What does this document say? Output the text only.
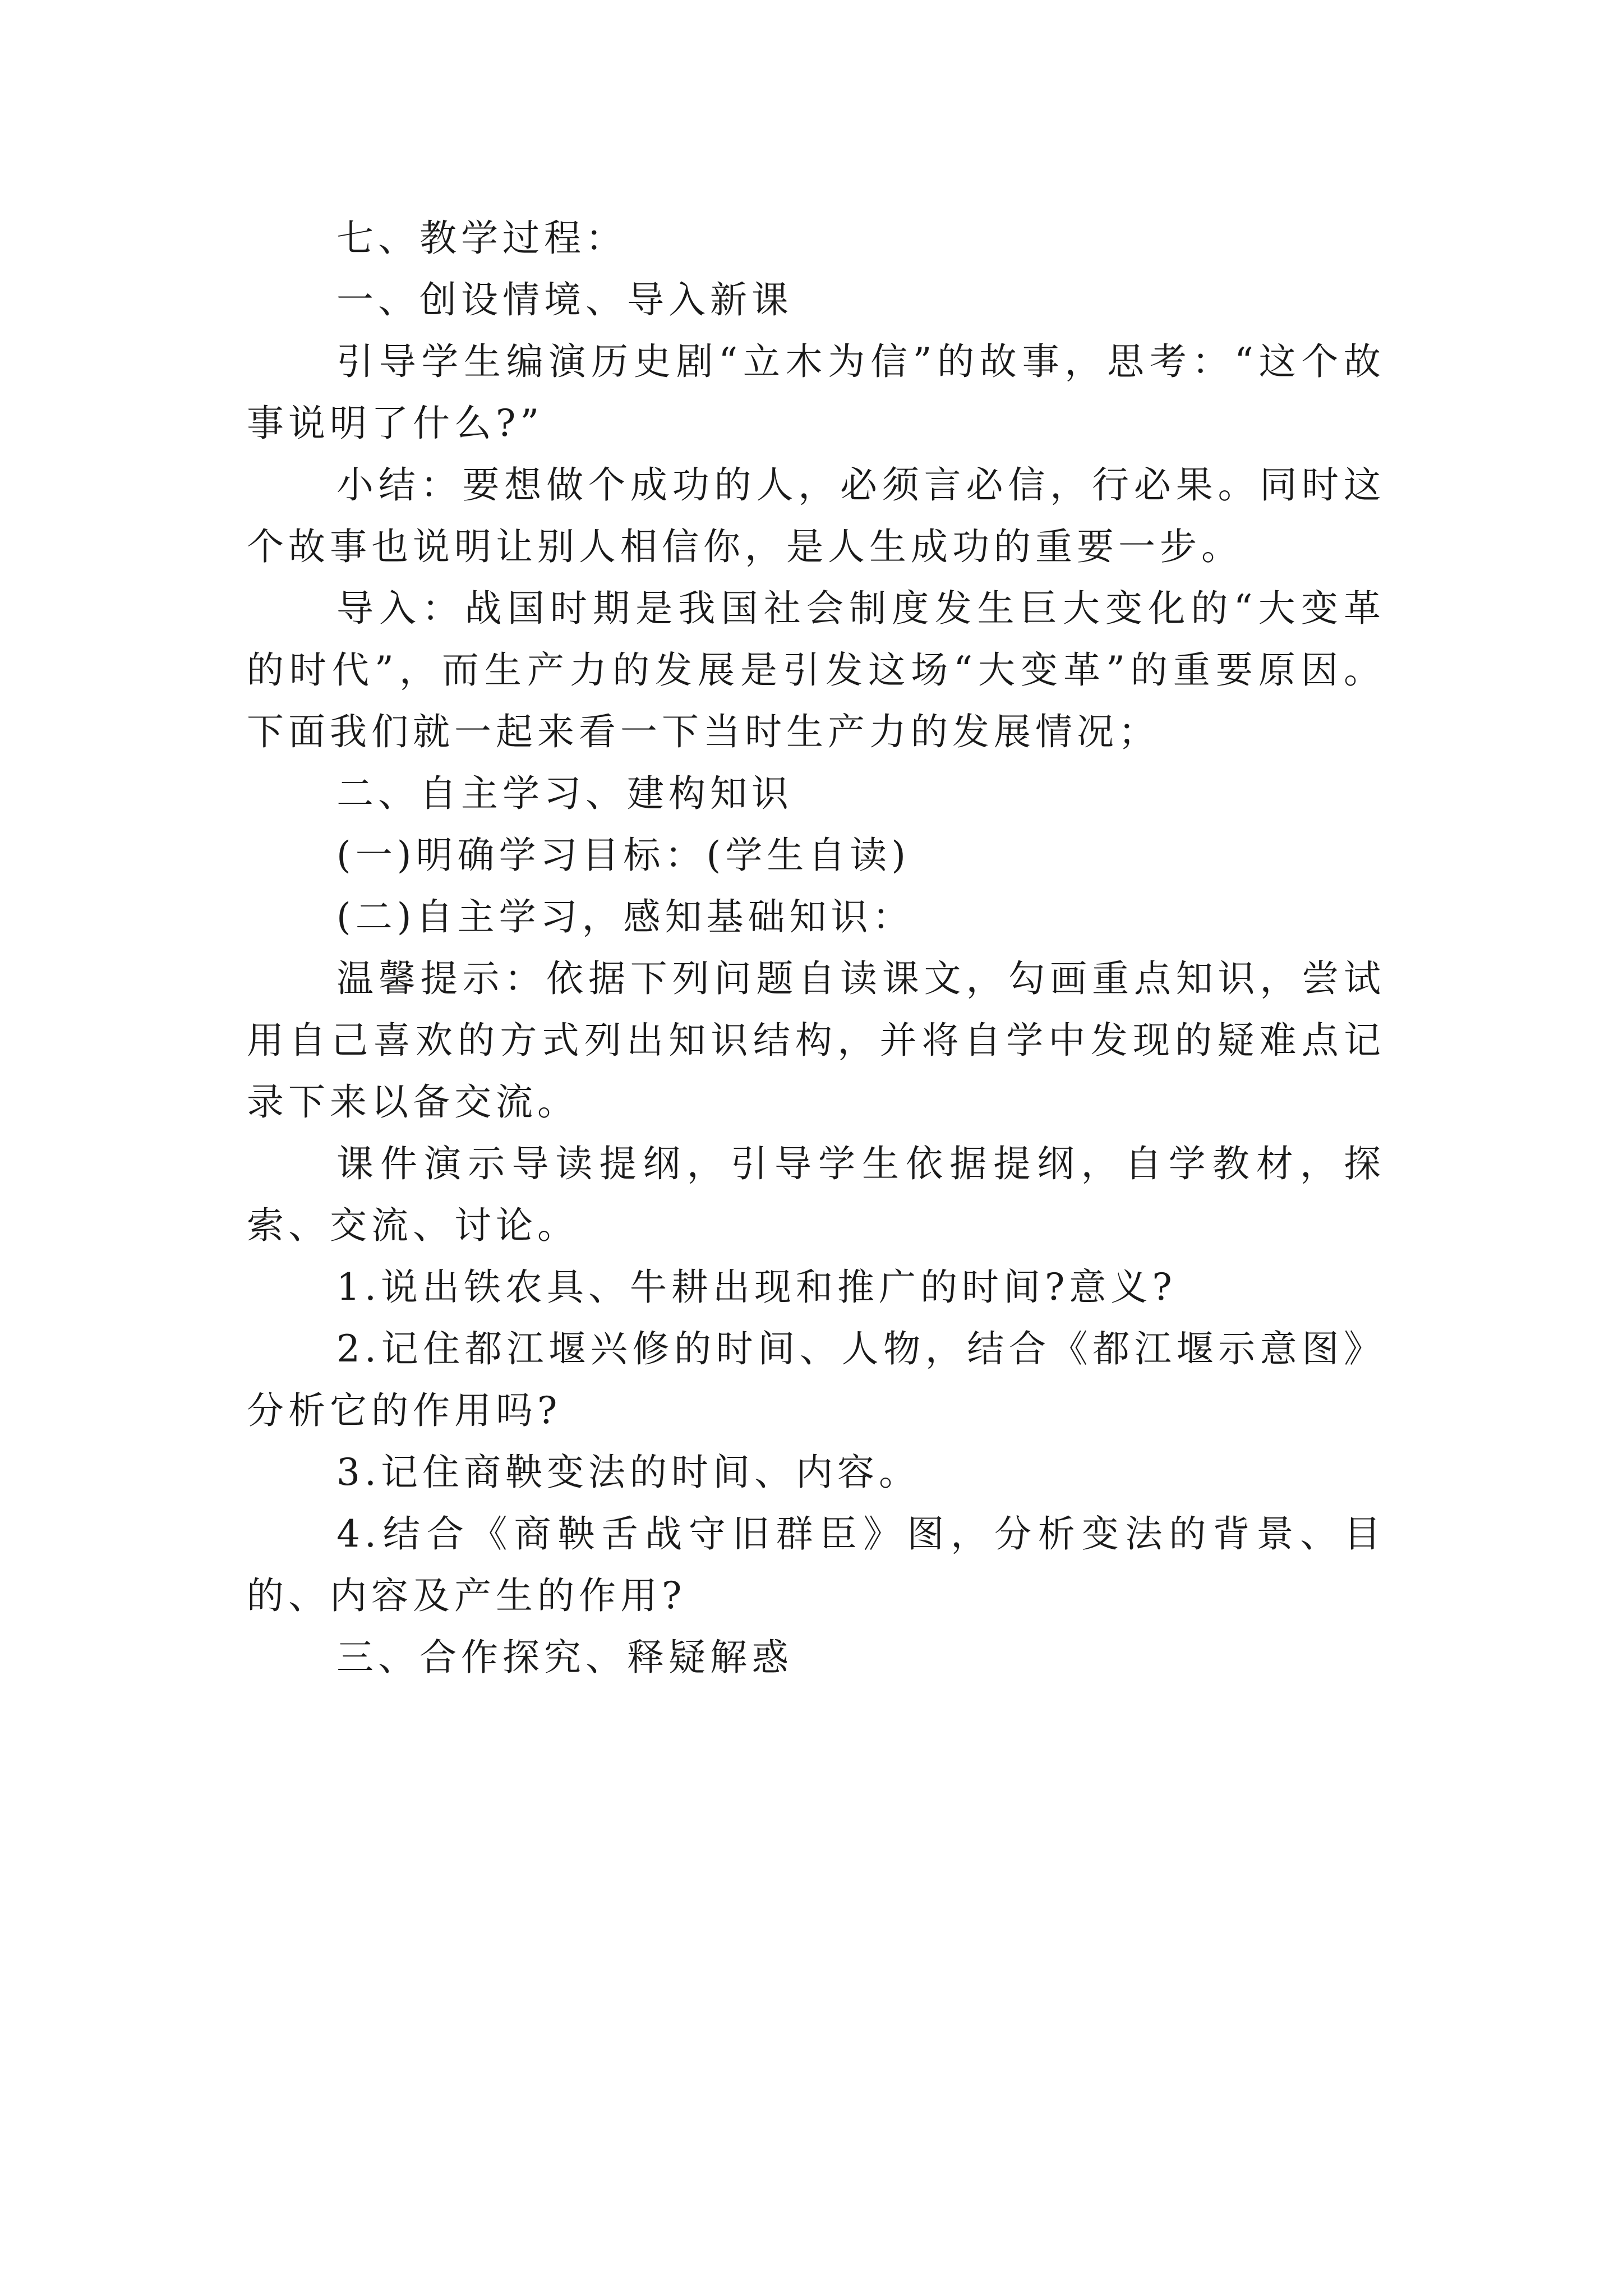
七、教学过程：

一、创设情境、导入新课

引导学生编演历史剧“立木为信”的故事，思考：“这个故事说明了什么?”

小结：要想做个成功的人，必须言必信，行必果。同时这个故事也说明让别人相信你，是人生成功的重要一步。

导入：战国时期是我国社会制度发生巨大变化的“大变革的时代”，而生产力的发展是引发这场“大变革”的重要原因。下面我们就一起来看一下当时生产力的发展情况；

二、自主学习、建构知识

(一)明确学习目标：(学生自读)

(二)自主学习，感知基础知识：

温馨提示：依据下列问题自读课文，勾画重点知识，尝试用自己喜欢的方式列出知识结构，并将自学中发现的疑难点记录下来以备交流。

课件演示导读提纲，引导学生依据提纲，自学教材，探索、交流、讨论。

1.说出铁农具、牛耕出现和推广的时间?意义?

2.记住都江堰兴修的时间、人物，结合《都江堰示意图》分析它的作用吗?

3.记住商鞅变法的时间、内容。

4.结合《商鞅舌战守旧群臣》图，分析变法的背景、目的、内容及产生的作用?

三、合作探究、释疑解惑
